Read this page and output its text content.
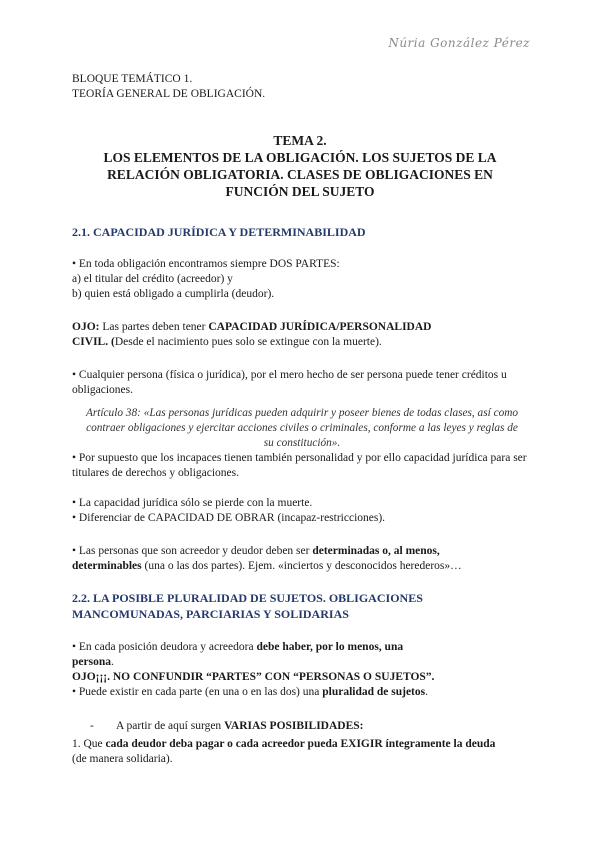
Núria González Pérez
BLOQUE TEMÁTICO 1.
TEORÍA GENERAL DE OBLIGACIÓN.
TEMA 2.
LOS ELEMENTOS DE LA OBLIGACIÓN. LOS SUJETOS DE LA
RELACIÓN OBLIGATORIA. CLASES DE OBLIGACIONES EN
FUNCIÓN DEL SUJETO
2.1. CAPACIDAD JURÍDICA Y DETERMINABILIDAD
• En toda obligación encontramos siempre DOS PARTES:
a) el titular del crédito (acreedor) y
b) quien está obligado a cumplirla (deudor).
OJO: Las partes deben tener CAPACIDAD JURÍDICA/PERSONALIDAD
CIVIL. (Desde el nacimiento pues solo se extingue con la muerte).
• Cualquier persona (física o jurídica), por el mero hecho de ser persona puede tener créditos u obligaciones.
Artículo 38: «Las personas jurídicas pueden adquirir y poseer bienes de todas clases, así como contraer obligaciones y ejercitar acciones civiles o criminales, conforme a las leyes y reglas de su constitución».
• Por supuesto que los incapaces tienen también personalidad y por ello capacidad jurídica para ser titulares de derechos y obligaciones.
• La capacidad jurídica sólo se pierde con la muerte.
• Diferenciar de CAPACIDAD DE OBRAR (incapaz-restricciones).
• Las personas que son acreedor y deudor deben ser determinadas o, al menos,
determinables (una o las dos partes). Ejem. «inciertos y desconocidos herederos»…
2.2. LA POSIBLE PLURALIDAD DE SUJETOS. OBLIGACIONES
MANCOMUNADAS, PARCIARIAS Y SOLIDARIAS
• En cada posición deudora y acreedora debe haber, por lo menos, una
persona.
OJO¡¡¡. NO CONFUNDIR “PARTES” CON “PERSONAS O SUJETOS”.
• Puede existir en cada parte (en una o en las dos) una pluralidad de sujetos.
- A partir de aquí surgen VARIAS POSIBILIDADES:
1. Que cada deudor deba pagar o cada acreedor pueda EXIGIR íntegramente la deuda
(de manera solidaria).
